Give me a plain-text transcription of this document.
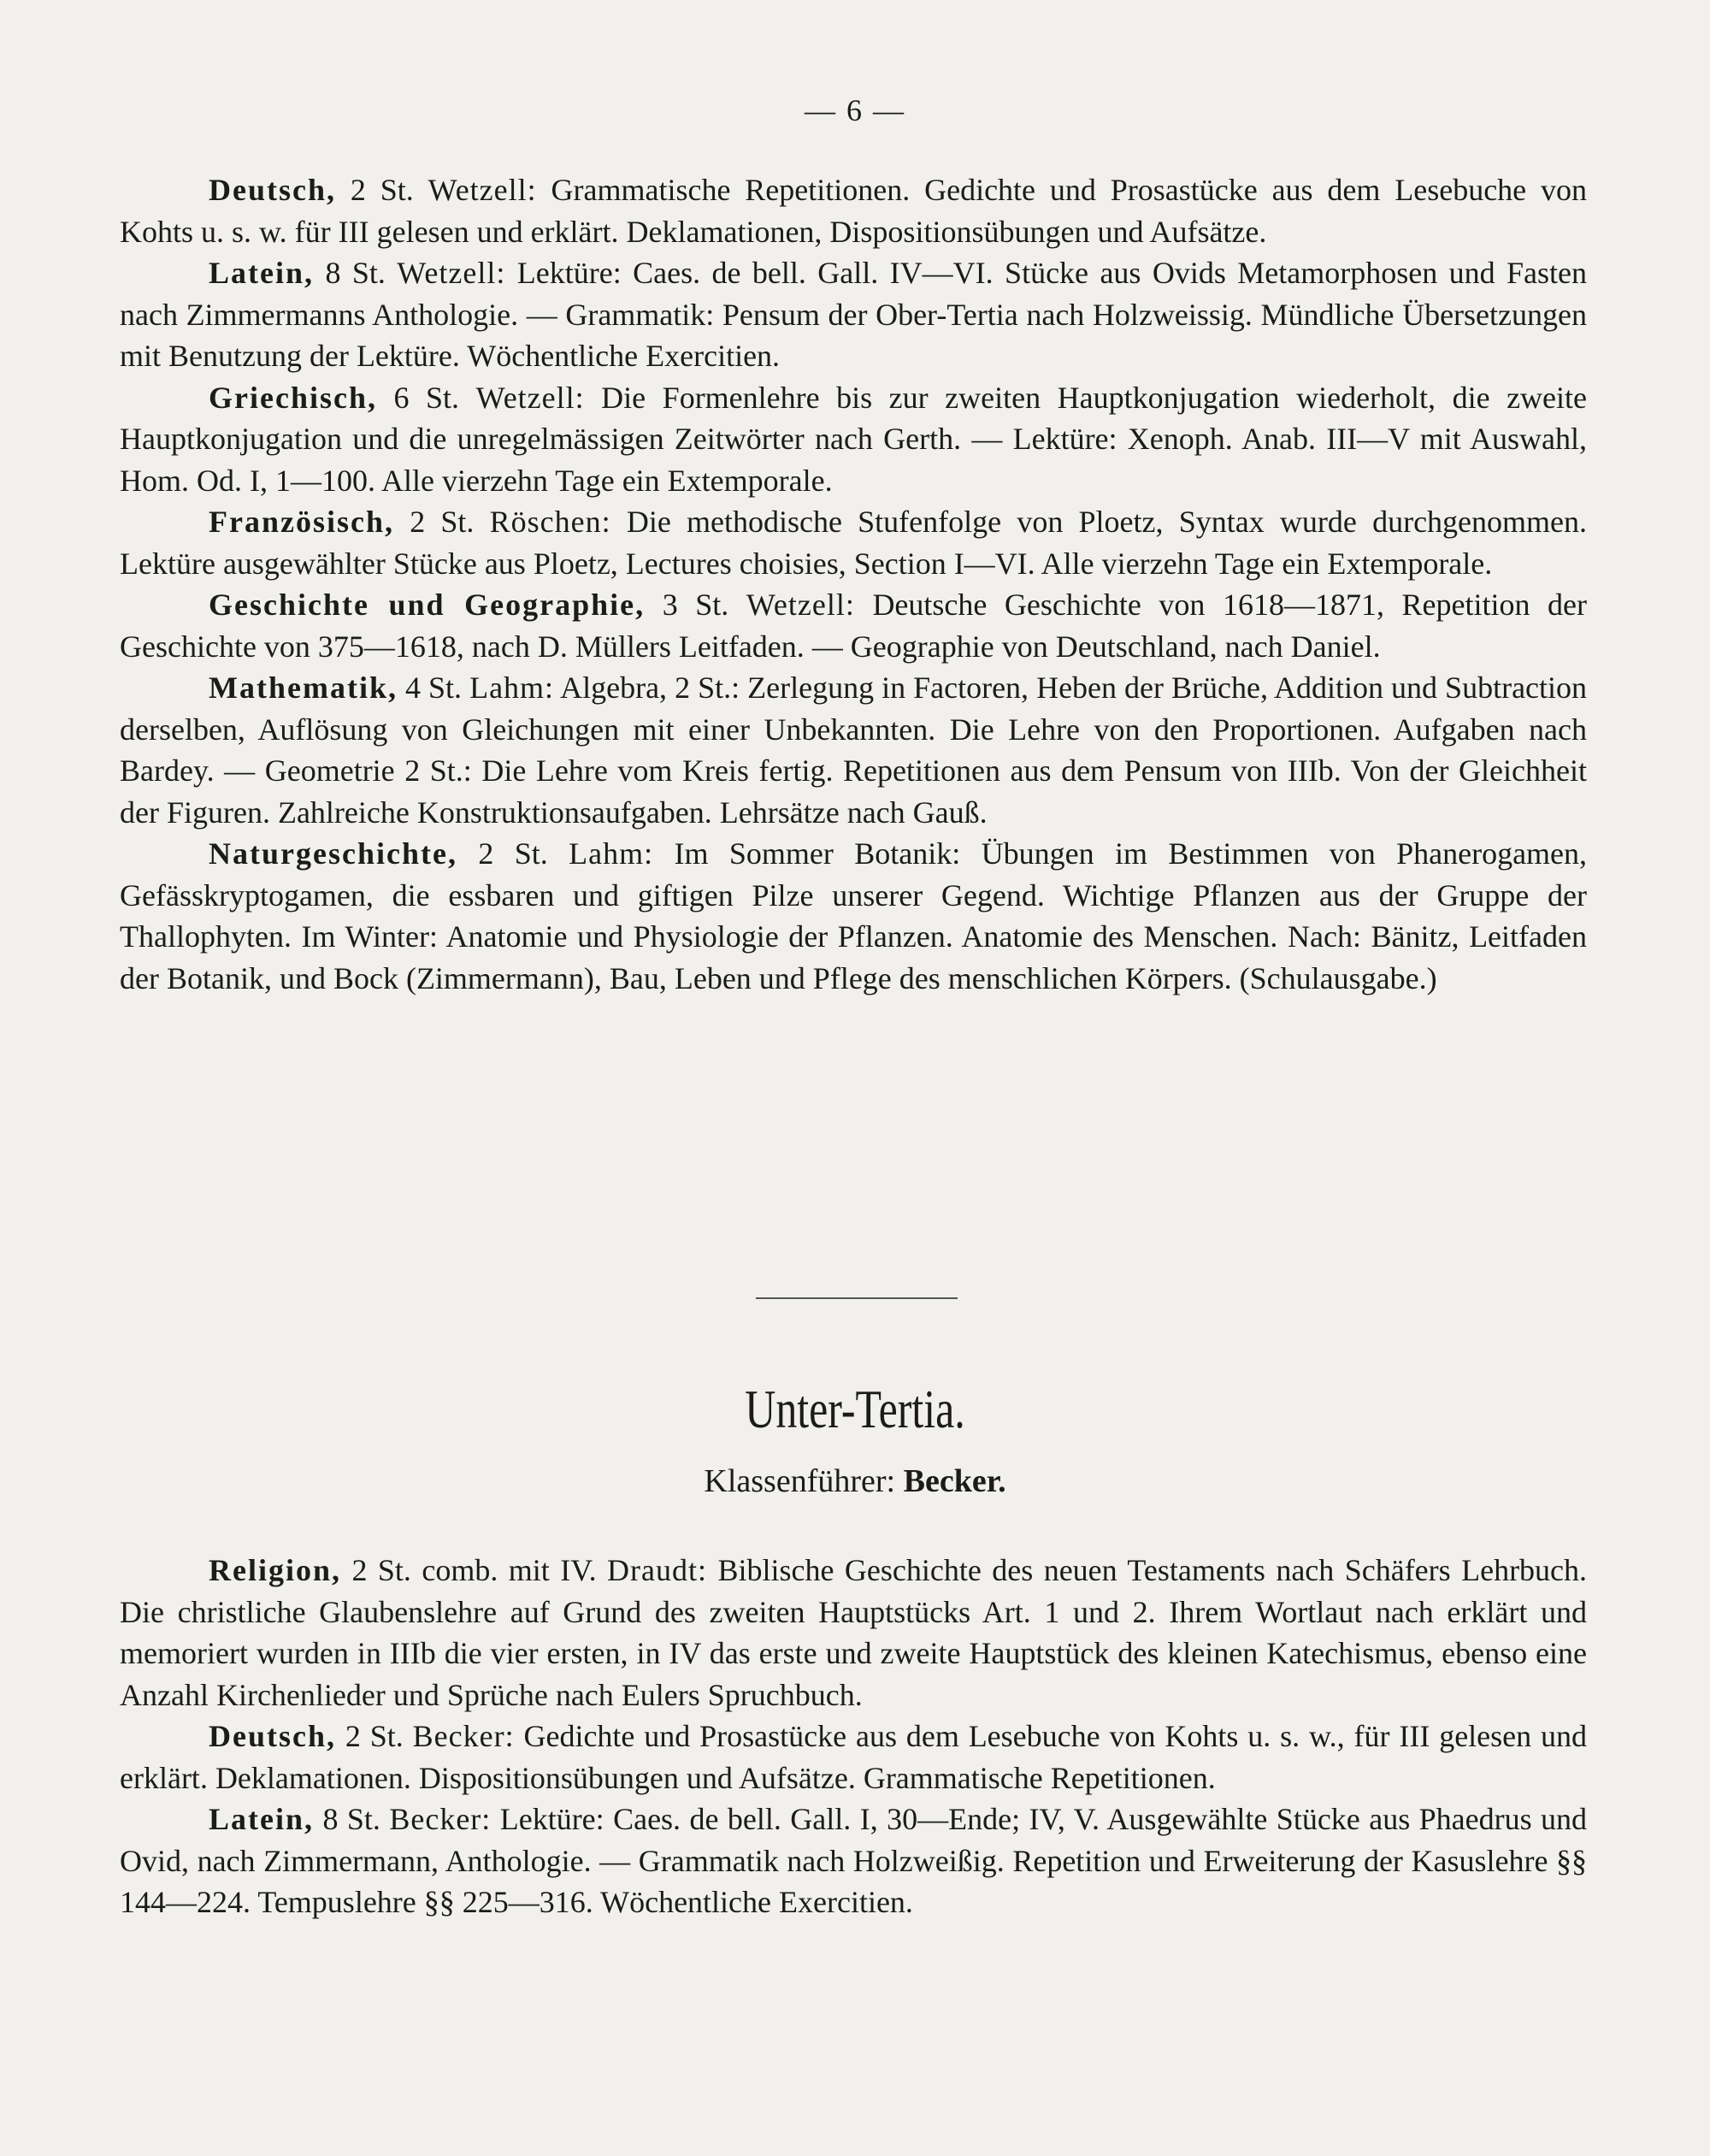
— 6 —

Deutsch, 2 St. Wetzell: Grammatische Repetitionen. Gedichte und Prosastücke aus dem Lesebuche von Kohts u. s. w. für III gelesen und erklärt. Deklamationen, Dispositionsübungen und Aufsätze.

Latein, 8 St. Wetzell: Lektüre: Caes. de bell. Gall. IV—VI. Stücke aus Ovids Metamorphosen und Fasten nach Zimmermanns Anthologie. — Grammatik: Pensum der Ober-Tertia nach Holzweissig. Mündliche Übersetzungen mit Benutzung der Lektüre. Wöchentliche Exercitien.

Griechisch, 6 St. Wetzell: Die Formenlehre bis zur zweiten Hauptkonjugation wiederholt, die zweite Hauptkonjugation und die unregelmässigen Zeitwörter nach Gerth. — Lektüre: Xenoph. Anab. III—V mit Auswahl, Hom. Od. I, 1—100. Alle vierzehn Tage ein Extemporale.

Französisch, 2 St. Röschen: Die methodische Stufenfolge von Ploetz, Syntax wurde durchgenommen. Lektüre ausgewählter Stücke aus Ploetz, Lectures choisies, Section I—VI. Alle vierzehn Tage ein Extemporale.

Geschichte und Geographie, 3 St. Wetzell: Deutsche Geschichte von 1618—1871, Repetition der Geschichte von 375—1618, nach D. Müllers Leitfaden. — Geographie von Deutschland, nach Daniel.

Mathematik, 4 St. Lahm: Algebra, 2 St.: Zerlegung in Factoren, Heben der Brüche, Addition und Subtraction derselben, Auflösung von Gleichungen mit einer Unbekannten. Die Lehre von den Proportionen. Aufgaben nach Bardey. — Geometrie 2 St.: Die Lehre vom Kreis fertig. Repetitionen aus dem Pensum von IIIb. Von der Gleichheit der Figuren. Zahlreiche Konstruktionsaufgaben. Lehrsätze nach Gauß.

Naturgeschichte, 2 St. Lahm: Im Sommer Botanik: Übungen im Bestimmen von Phanerogamen, Gefässkryptogamen, die essbaren und giftigen Pilze unserer Gegend. Wichtige Pflanzen aus der Gruppe der Thallophyten. Im Winter: Anatomie und Physiologie der Pflanzen. Anatomie des Menschen. Nach: Bänitz, Leitfaden der Botanik, und Bock (Zimmermann), Bau, Leben und Pflege des menschlichen Körpers. (Schulausgabe.)

Unter-Tertia.
Klassenführer: Becker.

Religion, 2 St. comb. mit IV. Draudt: Biblische Geschichte des neuen Testaments nach Schäfers Lehrbuch. Die christliche Glaubenslehre auf Grund des zweiten Hauptstücks Art. 1 und 2. Ihrem Wortlaut nach erklärt und memoriert wurden in IIIb die vier ersten, in IV das erste und zweite Hauptstück des kleinen Katechismus, ebenso eine Anzahl Kirchenlieder und Sprüche nach Eulers Spruchbuch.

Deutsch, 2 St. Becker: Gedichte und Prosastücke aus dem Lesebuche von Kohts u. s. w., für III gelesen und erklärt. Deklamationen. Dispositionsübungen und Aufsätze. Grammatische Repetitionen.

Latein, 8 St. Becker: Lektüre: Caes. de bell. Gall. I, 30—Ende; IV, V. Ausgewählte Stücke aus Phaedrus und Ovid, nach Zimmermann, Anthologie. — Grammatik nach Holzweißig. Repetition und Erweiterung der Kasuslehre §§ 144—224. Tempuslehre §§ 225—316. Wöchentliche Exercitien.
